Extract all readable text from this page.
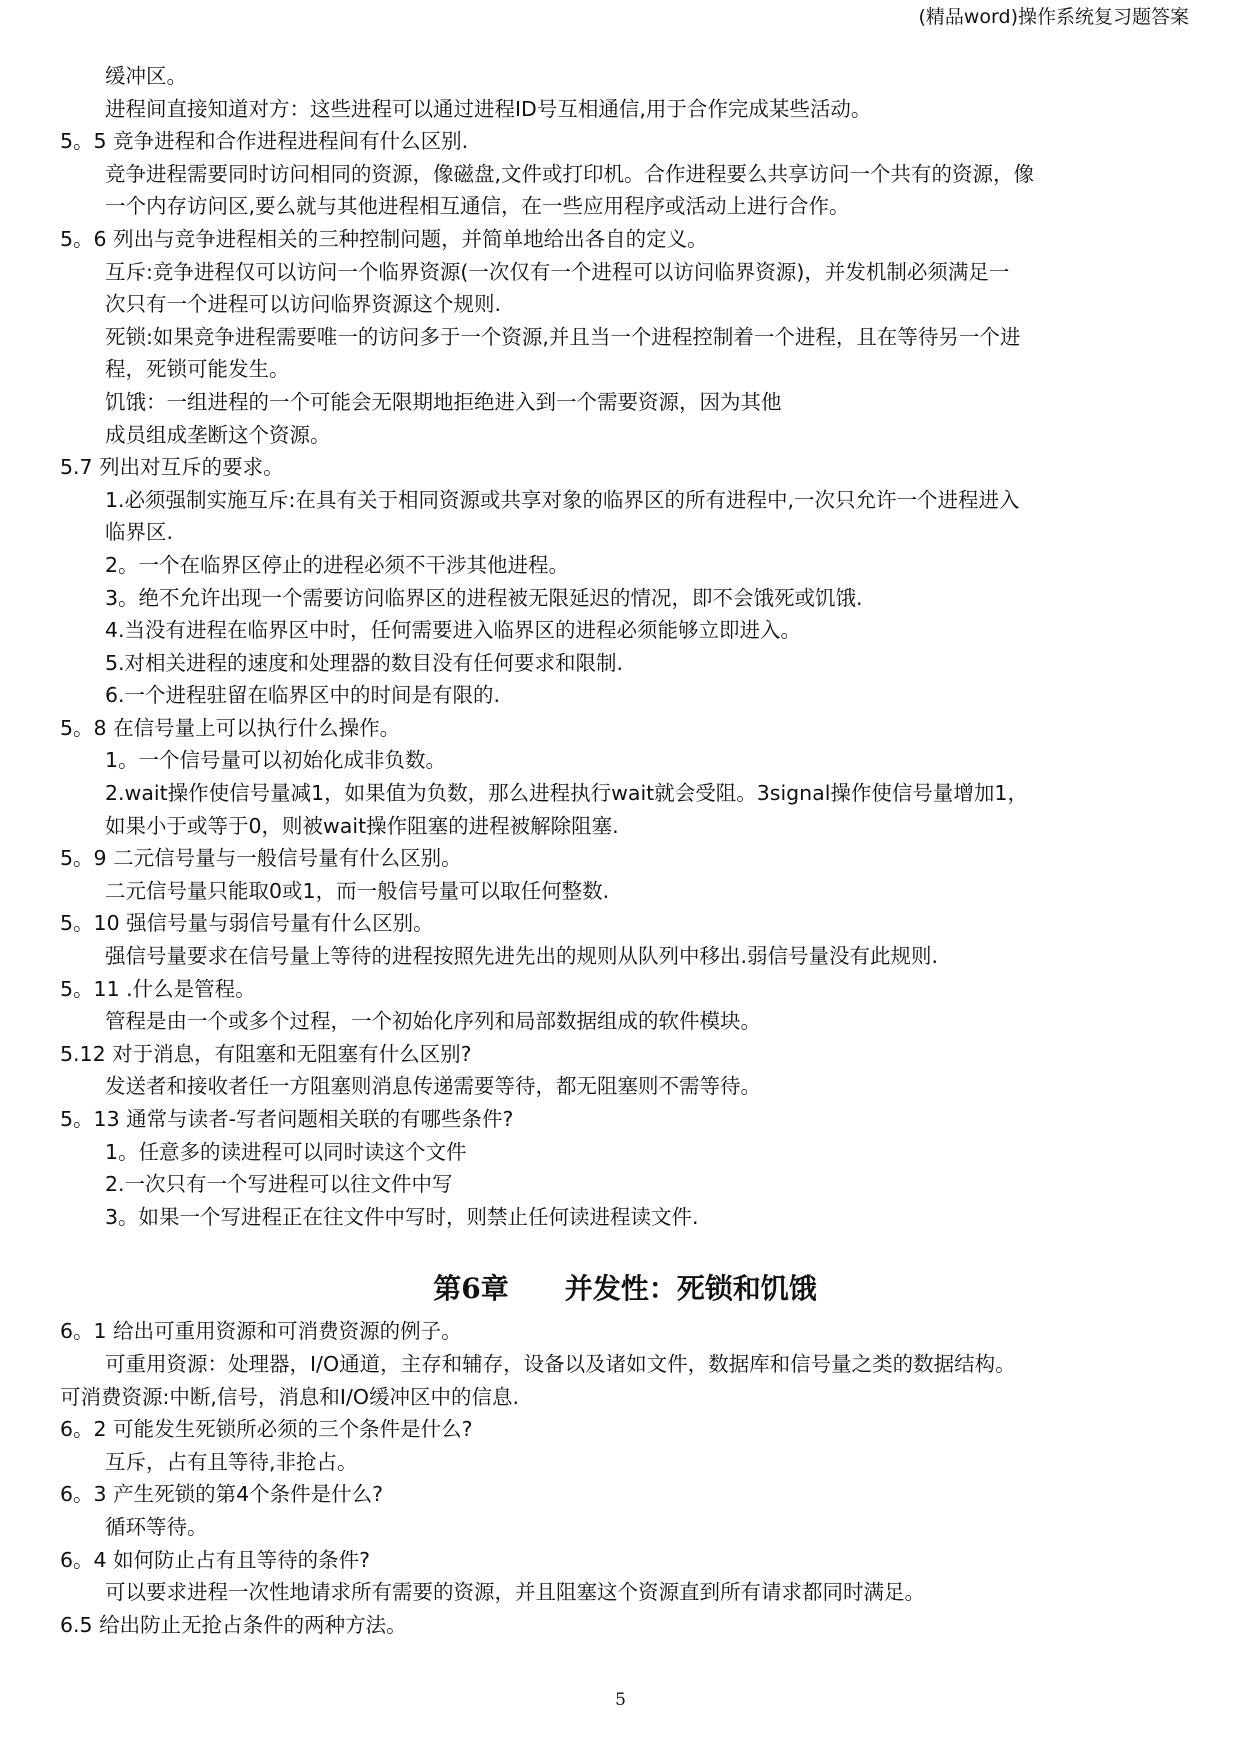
(精品word)操作系统复习题答案
缓冲区。
进程间直接知道对方：这些进程可以通过进程ID号互相通信,用于合作完成某些活动。
5。5 竞争进程和合作进程进程间有什么区别.
竞争进程需要同时访问相同的资源，像磁盘,文件或打印机。合作进程要么共享访问一个共有的资源，像
一个内存访问区,要么就与其他进程相互通信，在一些应用程序或活动上进行合作。
5。6 列出与竞争进程相关的三种控制问题，并简单地给出各自的定义。
互斥:竞争进程仅可以访问一个临界资源(一次仅有一个进程可以访问临界资源)，并发机制必须满足一
次只有一个进程可以访问临界资源这个规则.
死锁:如果竞争进程需要唯一的访问多于一个资源,并且当一个进程控制着一个进程，且在等待另一个进
程，死锁可能发生。
饥饿：一组进程的一个可能会无限期地拒绝进入到一个需要资源，因为其他
成员组成垄断这个资源。
5.7 列出对互斥的要求。
1.必须强制实施互斥:在具有关于相同资源或共享对象的临界区的所有进程中,一次只允许一个进程进入
临界区.
2。一个在临界区停止的进程必须不干涉其他进程。
3。绝不允许出现一个需要访问临界区的进程被无限延迟的情况，即不会饿死或饥饿.
4.当没有进程在临界区中时，任何需要进入临界区的进程必须能够立即进入。
5.对相关进程的速度和处理器的数目没有任何要求和限制.
6.一个进程驻留在临界区中的时间是有限的.
5。8 在信号量上可以执行什么操作。
1。一个信号量可以初始化成非负数。
2.wait操作使信号量减1，如果值为负数，那么进程执行wait就会受阻。3signal操作使信号量增加1，
如果小于或等于0，则被wait操作阻塞的进程被解除阻塞.
5。9 二元信号量与一般信号量有什么区别。
二元信号量只能取0或1，而一般信号量可以取任何整数.
5。10 强信号量与弱信号量有什么区别。
强信号量要求在信号量上等待的进程按照先进先出的规则从队列中移出.弱信号量没有此规则.
5。11 .什么是管程。
管程是由一个或多个过程，一个初始化序列和局部数据组成的软件模块。
5.12 对于消息，有阻塞和无阻塞有什么区别?
发送者和接收者任一方阻塞则消息传递需要等待，都无阻塞则不需等待。
5。13 通常与读者-写者问题相关联的有哪些条件?
1。任意多的读进程可以同时读这个文件
2.一次只有一个写进程可以往文件中写
3。如果一个写进程正在往文件中写时，则禁止任何读进程读文件.
第6章 并发性：死锁和饥饿
6。1 给出可重用资源和可消费资源的例子。
可重用资源：处理器，I/O通道，主存和辅存，设备以及诸如文件，数据库和信号量之类的数据结构。
可消费资源:中断,信号，消息和I/O缓冲区中的信息.
6。2 可能发生死锁所必须的三个条件是什么?
互斥，占有且等待,非抢占。
6。3 产生死锁的第4个条件是什么?
循环等待。
6。4 如何防止占有且等待的条件?
可以要求进程一次性地请求所有需要的资源，并且阻塞这个资源直到所有请求都同时满足。
6.5 给出防止无抢占条件的两种方法。
5
